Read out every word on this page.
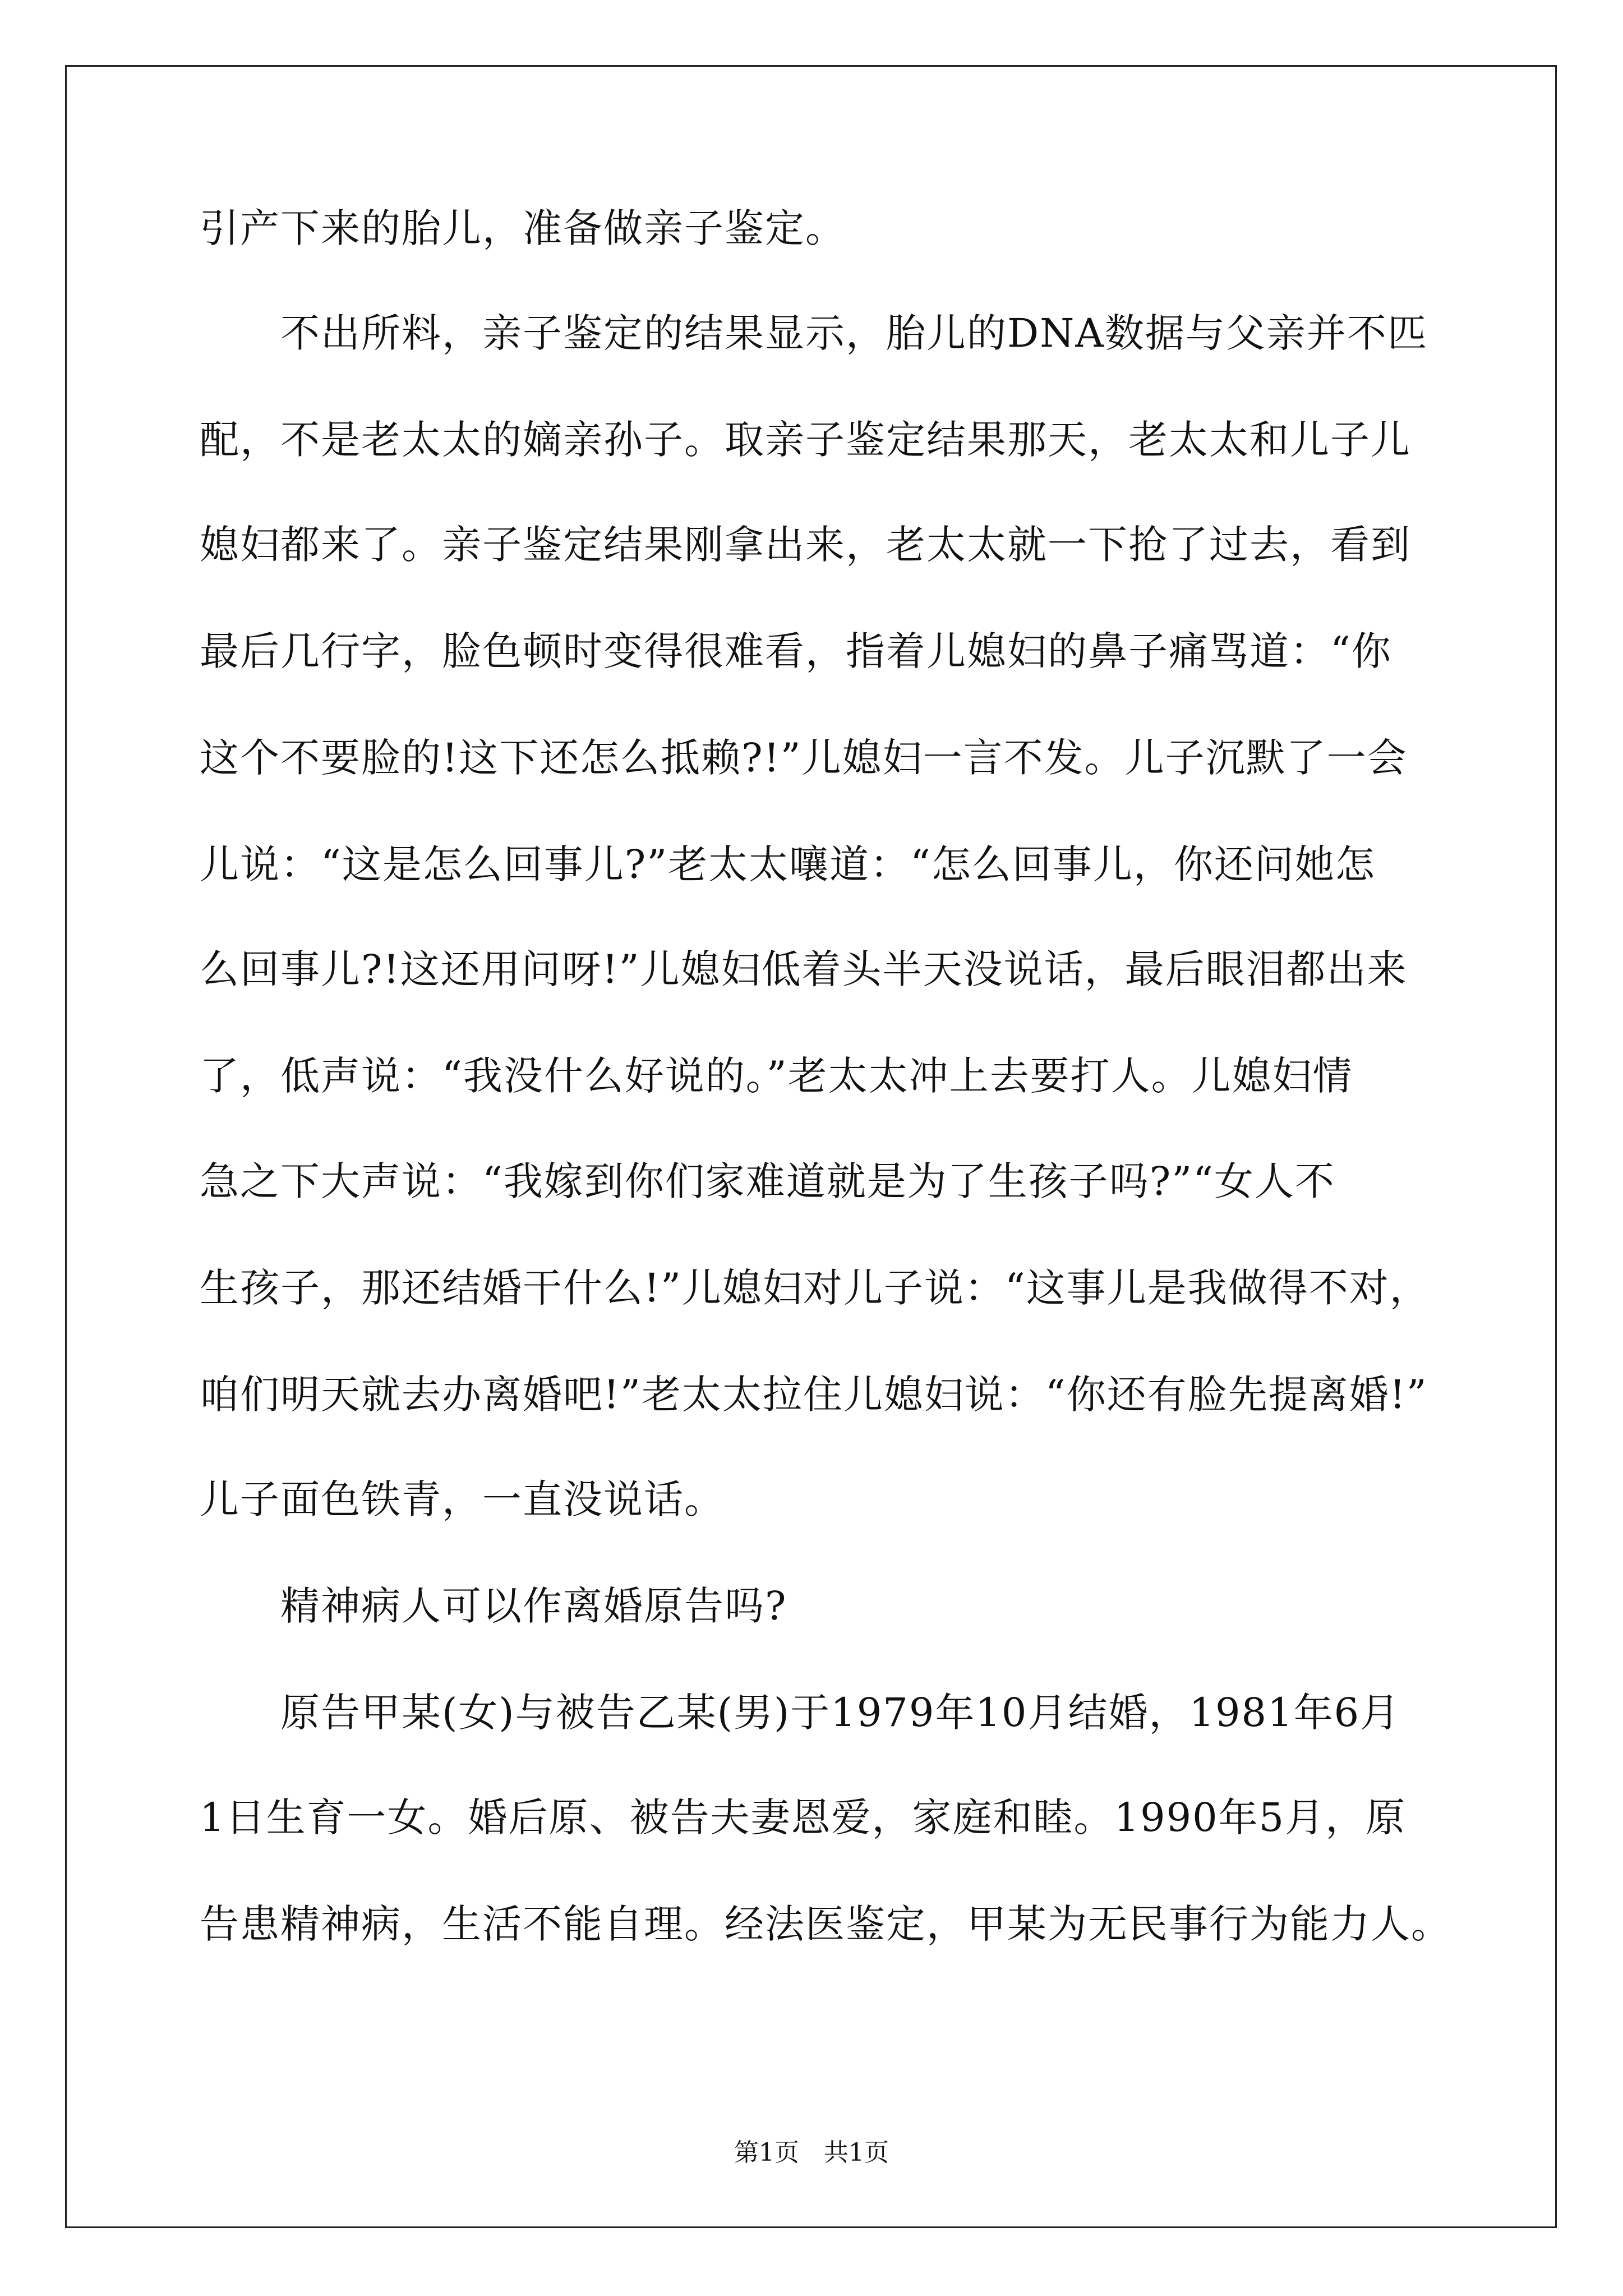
引产下来的胎儿，准备做亲子鉴定。
　　不出所料，亲子鉴定的结果显示，胎儿的DNA数据与父亲并不匹
配，不是老太太的嫡亲孙子。取亲子鉴定结果那天，老太太和儿子儿
媳妇都来了。亲子鉴定结果刚拿出来，老太太就一下抢了过去，看到
最后几行字，脸色顿时变得很难看，指着儿媳妇的鼻子痛骂道：“你
这个不要脸的!这下还怎么抵赖?!”儿媳妇一言不发。儿子沉默了一会
儿说：“这是怎么回事儿?”老太太嚷道：“怎么回事儿，你还问她怎
么回事儿?!这还用问呀!”儿媳妇低着头半天没说话，最后眼泪都出来
了，低声说：“我没什么好说的。”老太太冲上去要打人。儿媳妇情
急之下大声说：“我嫁到你们家难道就是为了生孩子吗?”“女人不
生孩子，那还结婚干什么!”儿媳妇对儿子说：“这事儿是我做得不对，
咱们明天就去办离婚吧!”老太太拉住儿媳妇说：“你还有脸先提离婚!”
儿子面色铁青，一直没说话。
　　精神病人可以作离婚原告吗?
　　原告甲某(女)与被告乙某(男)于1979年10月结婚，1981年6月
1日生育一女。婚后原、被告夫妻恩爱，家庭和睦。1990年5月，原
告患精神病，生活不能自理。经法医鉴定，甲某为无民事行为能力人。
第1页　共1页
